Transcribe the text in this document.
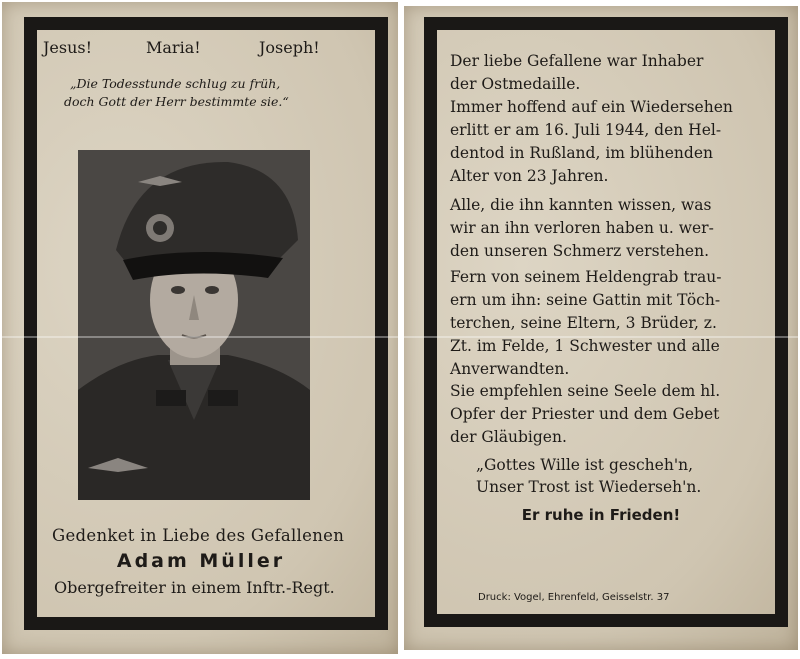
Jesus!	Maria!	Joseph!
„Die Todesstunde schlug zu früh,
doch Gott der Herr bestimmte sie.“
Gedenket in Liebe des Gefallenen
Adam Müller
Obergefreiter in einem Inftr.-Regt.
Der liebe Gefallene war Inhaber
der Ostmedaille.
Immer hoffend auf ein Wiedersehen
erlitt er am 16. Juli 1944, den Hel-
dentod in Rußland, im blühenden
Alter von 23 Jahren.
Alle, die ihn kannten wissen, was
wir an ihn verloren haben u. wer-
den unseren Schmerz verstehen.
Fern von seinem Heldengrab trau-
ern um ihn: seine Gattin mit Töch-
terchen, seine Eltern, 3 Brüder, z.
Zt. im Felde, 1 Schwester und alle
Anverwandten.
Sie empfehlen seine Seele dem hl.
Opfer der Priester und dem Gebet
der Gläubigen.
„Gottes Wille ist gescheh'n,
Unser Trost ist Wiederseh'n.
Er ruhe in Frieden!
Druck: Vogel, Ehrenfeld, Geisselstr. 37
